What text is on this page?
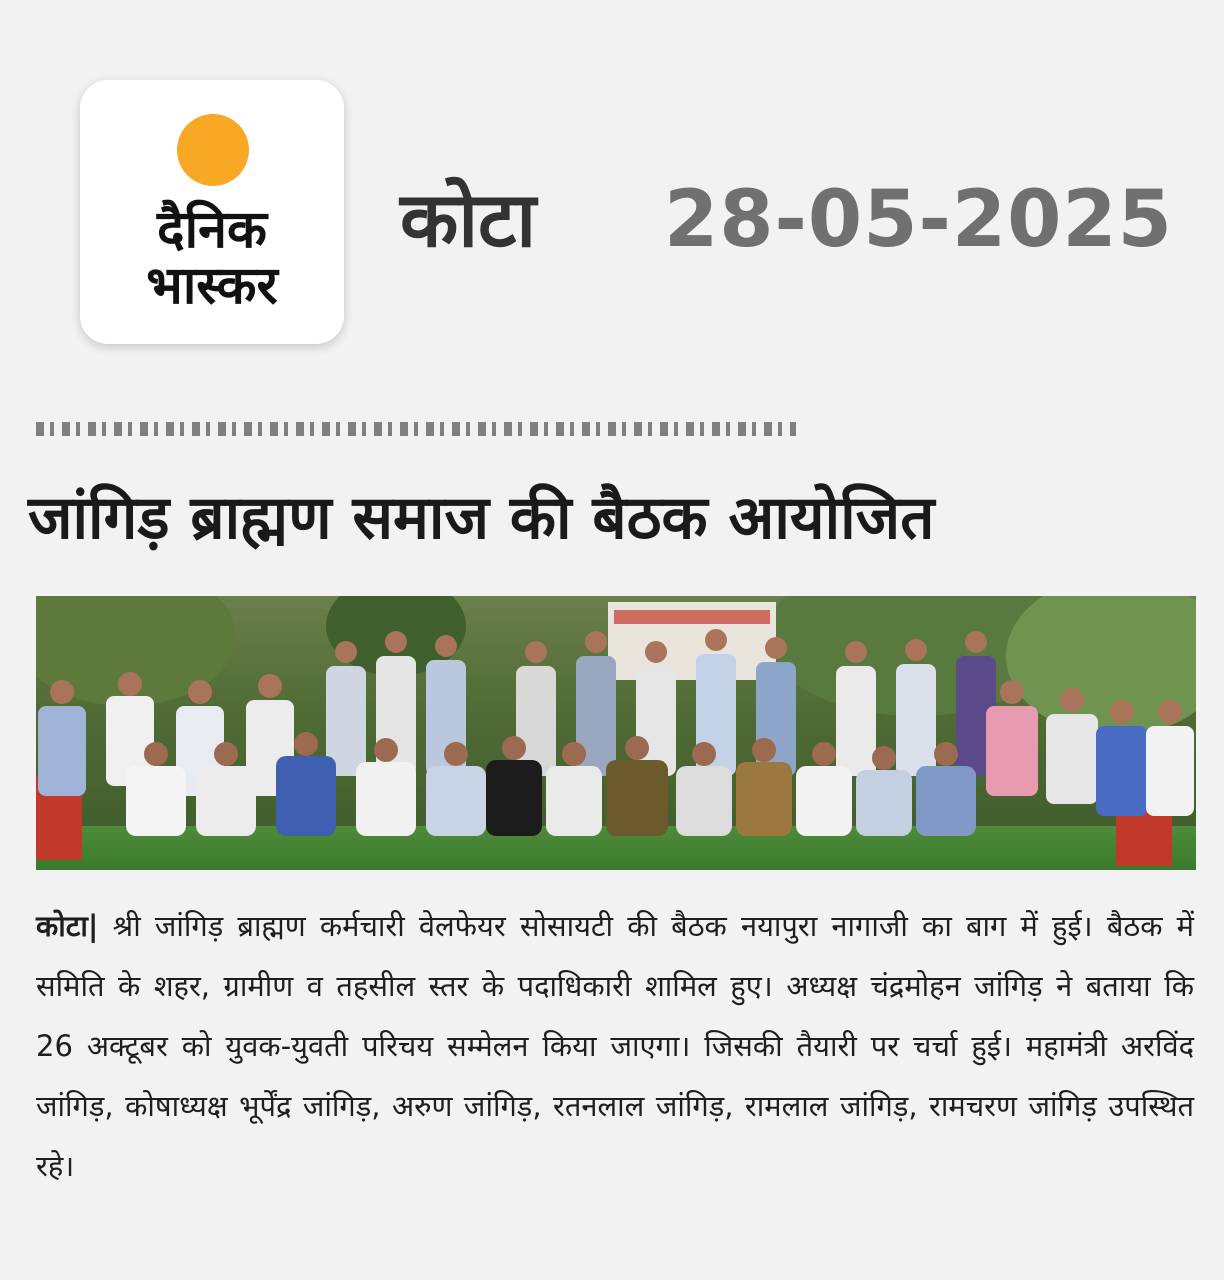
दैनिक
भास्कर
कोटा 28-05-2025
जांगिड़ ब्राह्मण समाज की बैठक आयोजित
कोटा| श्री जांगिड़ ब्राह्मण कर्मचारी वेलफेयर सोसायटी की बैठक नयापुरा नागाजी का बाग में हुई। बैठक में समिति के शहर, ग्रामीण व तहसील स्तर के पदाधिकारी शामिल हुए। अध्यक्ष चंद्रमोहन जांगिड़ ने बताया कि 26 अक्टूबर को युवक-युवती परिचय सम्मेलन किया जाएगा। जिसकी तैयारी पर चर्चा हुई। महामंत्री अरविंद जांगिड़, कोषाध्यक्ष भूर्पेंद्र जांगिड़, अरुण जांगिड़, रतनलाल जांगिड़, रामलाल जांगिड़, रामचरण जांगिड़ उपस्थित रहे।
